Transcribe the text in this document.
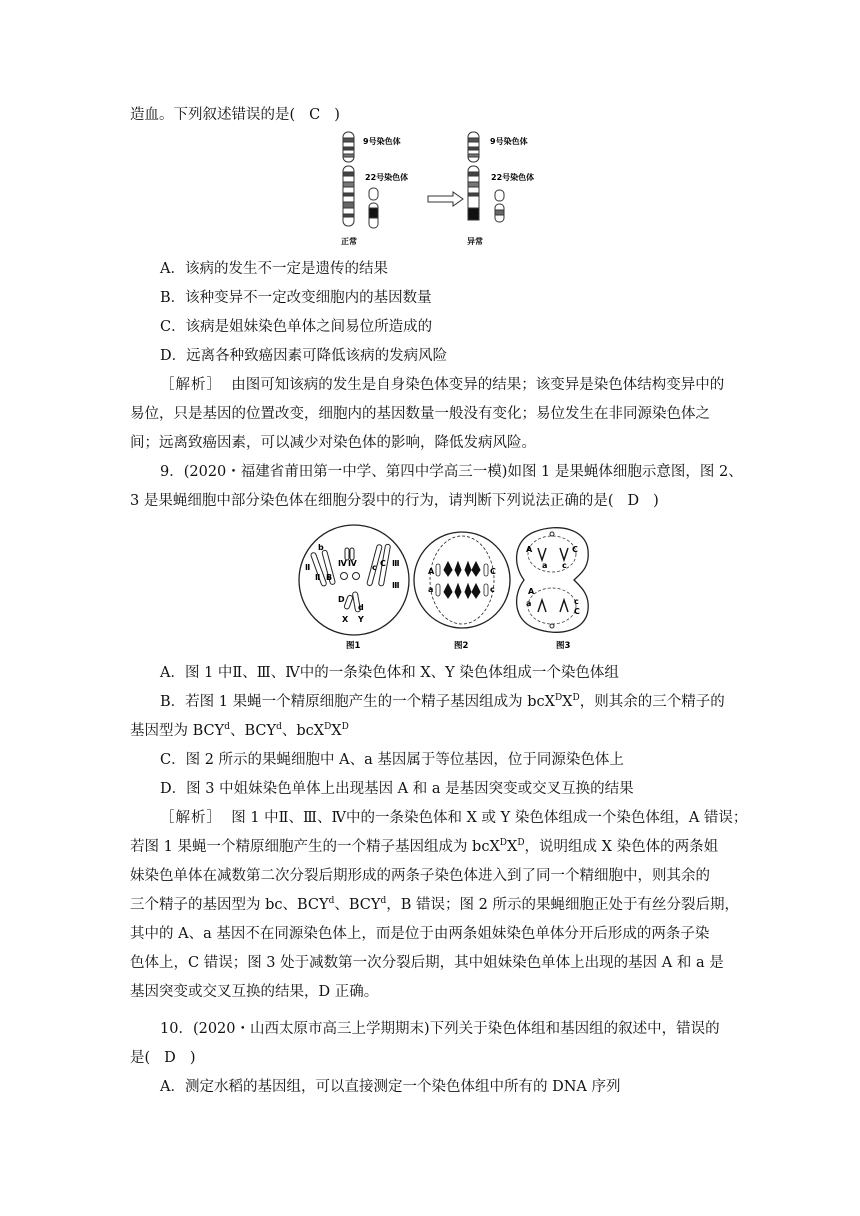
造血。下列叙述错误的是( C )
9号染色体
22号染色体
正常
9号染色体
22号染色体
异常
A．该病的发生不一定是遗传的结果
B．该种变异不一定改变细胞内的基因数量
C．该病是姐妹染色单体之间易位所造成的
D．远离各种致癌因素可降低该病的发病风险
［解析］ 由图可知该病的发生是自身染色体变异的结果；该变异是染色体结构变异中的
易位，只是基因的位置改变，细胞内的基因数量一般没有变化；易位发生在非同源染色体之
间；远离致癌因素，可以减少对染色体的影响，降低发病风险。
9．(2020・福建省莆田第一中学、第四中学高三一模)如图 1 是果蝇体细胞示意图，图 2、
3 是果蝇细胞中部分染色体在细胞分裂中的行为，请判断下列说法正确的是( D )
b
Ⅱ
Ⅱ B
Ⅳ Ⅳ c C Ⅲ
Ⅲ
D
d
X Y
图1
A
a
C
c
图2
A
a
C
c
A
a	c
C
图3
A．图 1 中Ⅱ、Ⅲ、Ⅳ中的一条染色体和 X、Y 染色体组成一个染色体组
B．若图 1 果蝇一个精原细胞产生的一个精子基因组成为 $bcX^DX^D$，则其余的三个精子的
基因型为 BCY$^d$、BCY$^d$、$bcX^DX^D$
C．图 2 所示的果蝇细胞中 A、a 基因属于等位基因，位于同源染色体上
D．图 3 中姐妹染色单体上出现基因 A 和 a 是基因突变或交叉互换的结果
［解析］ 图 1 中Ⅱ、Ⅲ、Ⅳ中的一条染色体和 X 或 Y 染色体组成一个染色体组，A 错误；
若图 1 果蝇一个精原细胞产生的一个精子基因组成为 $bcX^DX^D$，说明组成 X 染色体的两条姐
妹染色单体在减数第二次分裂后期形成的两条子染色体进入到了同一个精细胞中，则其余的
三个精子的基因型为 bc、BCY$^d$、BCY$^d$，B 错误；图 2 所示的果蝇细胞正处于有丝分裂后期，
其中的 A、a 基因不在同源染色体上，而是位于由两条姐妹染色单体分开后形成的两条子染
色体上，C 错误；图 3 处于减数第一次分裂后期，其中姐妹染色单体上出现的基因 A 和 a 是
基因突变或交叉互换的结果，D 正确。
10．(2020・山西太原市高三上学期期末)下列关于染色体组和基因组的叙述中，错误的
是( D )
A．测定水稻的基因组，可以直接测定一个染色体组中所有的 DNA 序列
